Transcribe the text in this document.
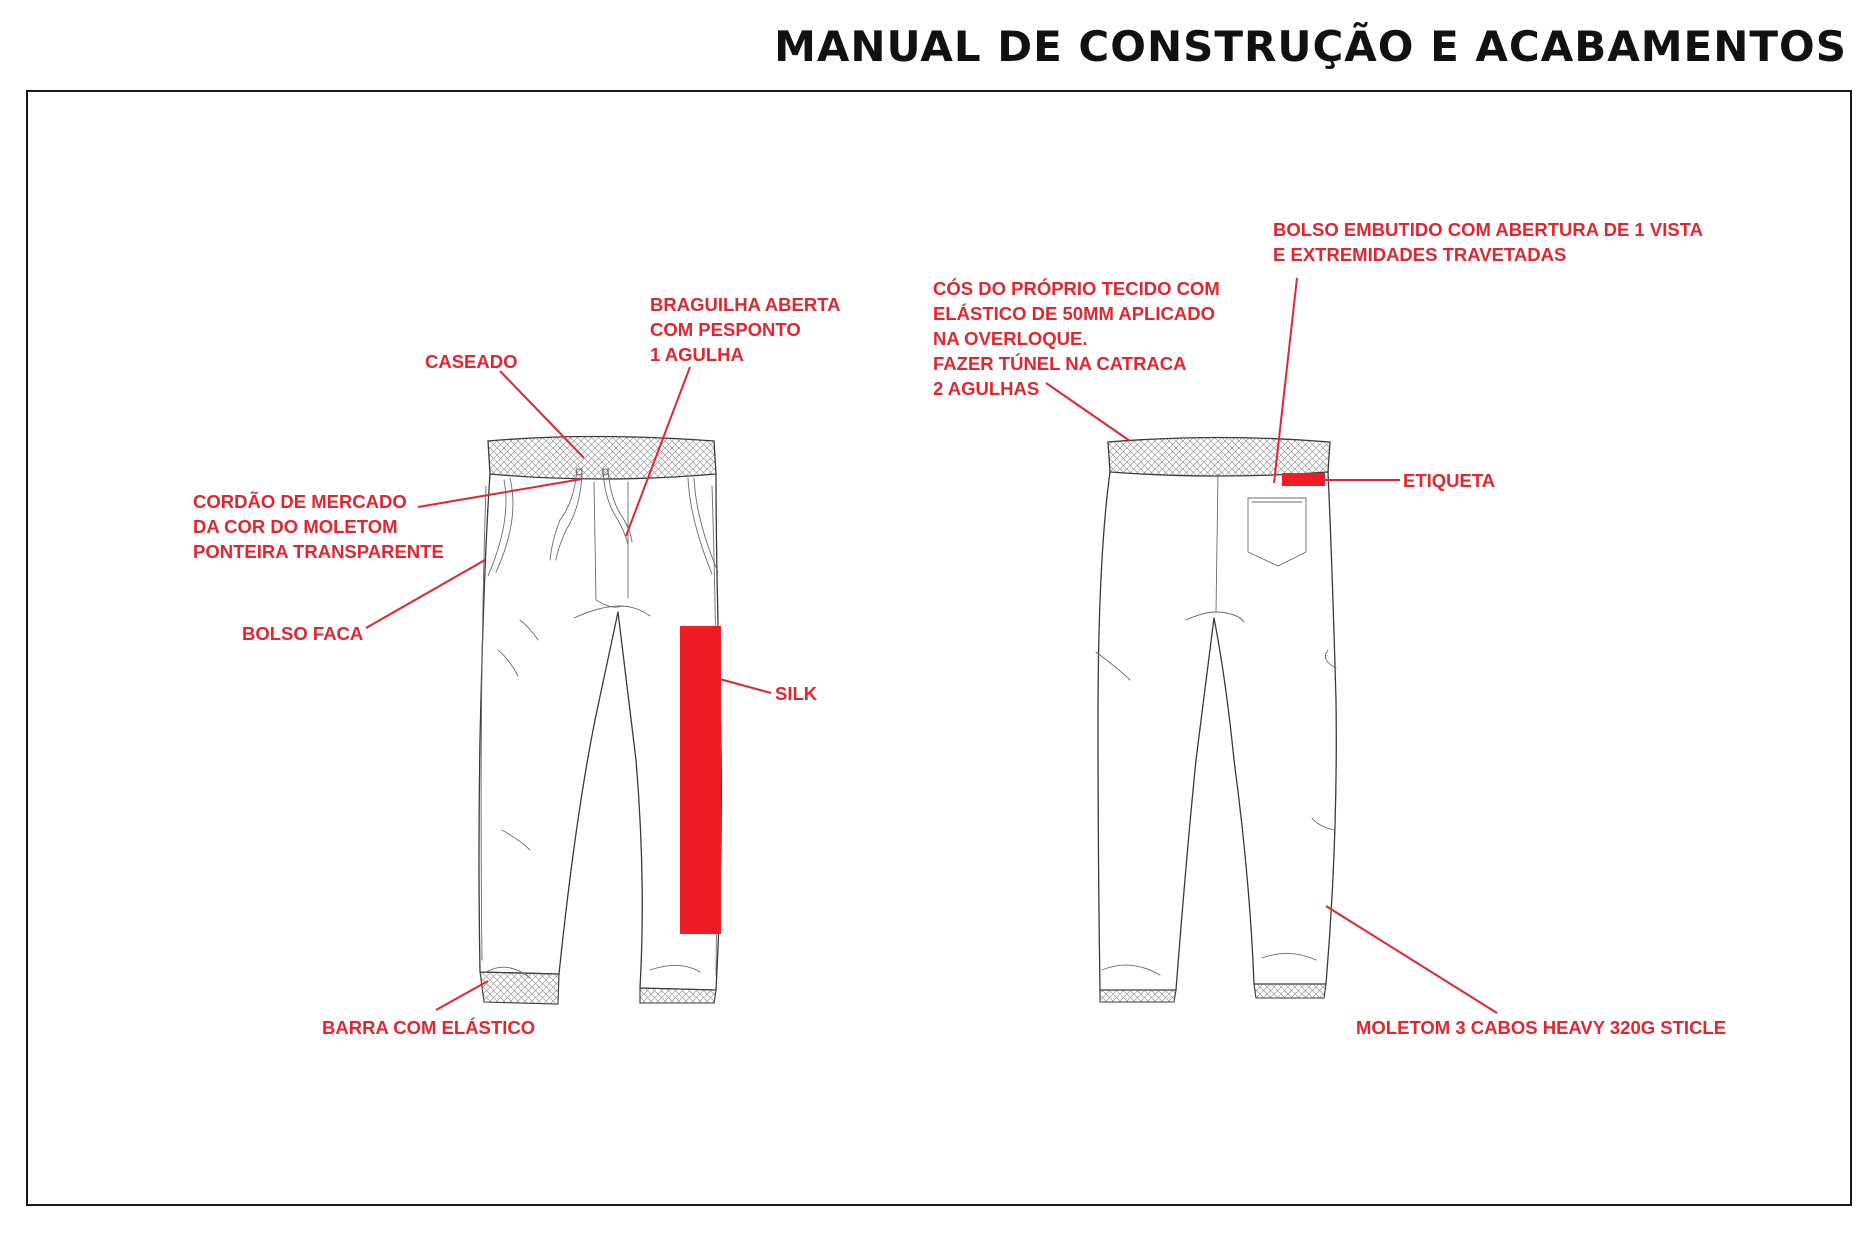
MANUAL DE CONSTRUÇÃO E ACABAMENTOS
CASEADO
BRAGUILHA ABERTA
COM PESPONTO
1 AGULHA
CORDÃO DE MERCADO
DA COR DO MOLETOM
PONTEIRA TRANSPARENTE
BOLSO FACA
SILK
BARRA COM ELÁSTICO
CÓS DO PRÓPRIO TECIDO COM
ELÁSTICO DE 50MM APLICADO
NA OVERLOQUE.
FAZER TÚNEL NA CATRACA
2 AGULHAS
BOLSO EMBUTIDO COM ABERTURA DE 1 VISTA
E EXTREMIDADES TRAVETADAS
ETIQUETA
MOLETOM 3 CABOS HEAVY 320G STICLE
